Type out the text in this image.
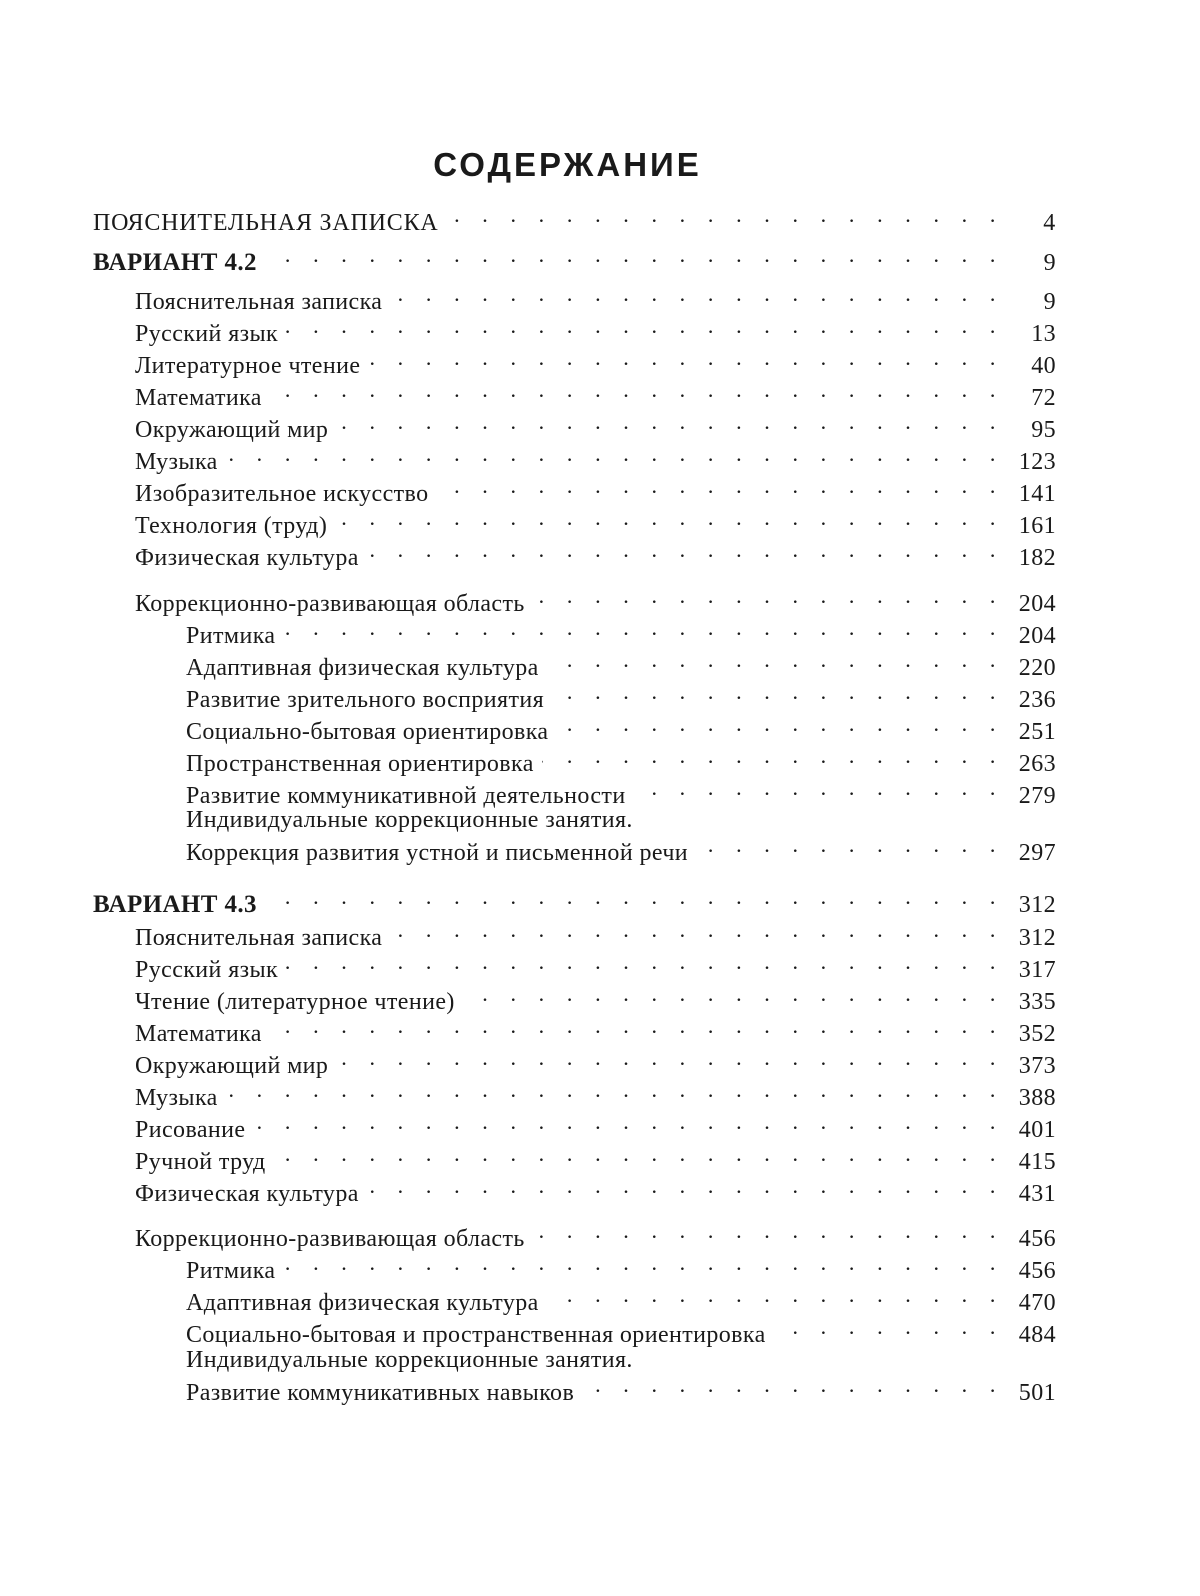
СОДЕРЖАНИЕ
ПОЯСНИТЕЛЬНАЯ ЗАПИСКА . . .	4
ВАРИАНТ 4.2 . . .	9
Пояснительная записка . . .	9
Русский язык . . .	13
Литературное чтение . . .	40
Математика . . .	72
Окружающий мир . . .	95
Музыка . . .	123
Изобразительное искусство . . .	141
Технология (труд) . . .	161
Физическая культура . . .	182
Коррекционно-развивающая область . . .	204
Ритмика . . .	204
Адаптивная физическая культура . . .	220
Развитие зрительного восприятия . . .	236
Социально-бытовая ориентировка . . .	251
Пространственная ориентировка . . .	263
Развитие коммуникативной деятельности . . .	279
Индивидуальные коррекционные занятия.
Коррекция развития устной и письменной речи . . .	297
ВАРИАНТ 4.3 . . .	312
Пояснительная записка . . .	312
Русский язык . . .	317
Чтение (литературное чтение) . . .	335
Математика . . .	352
Окружающий мир . . .	373
Музыка . . .	388
Рисование . . .	401
Ручной труд . . .	415
Физическая культура . . .	431
Коррекционно-развивающая область . . .	456
Ритмика . . .	456
Адаптивная физическая культура . . .	470
Социально-бытовая и пространственная ориентировка . . .	484
Индивидуальные коррекционные занятия.
Развитие коммуникативных навыков . . .	501
